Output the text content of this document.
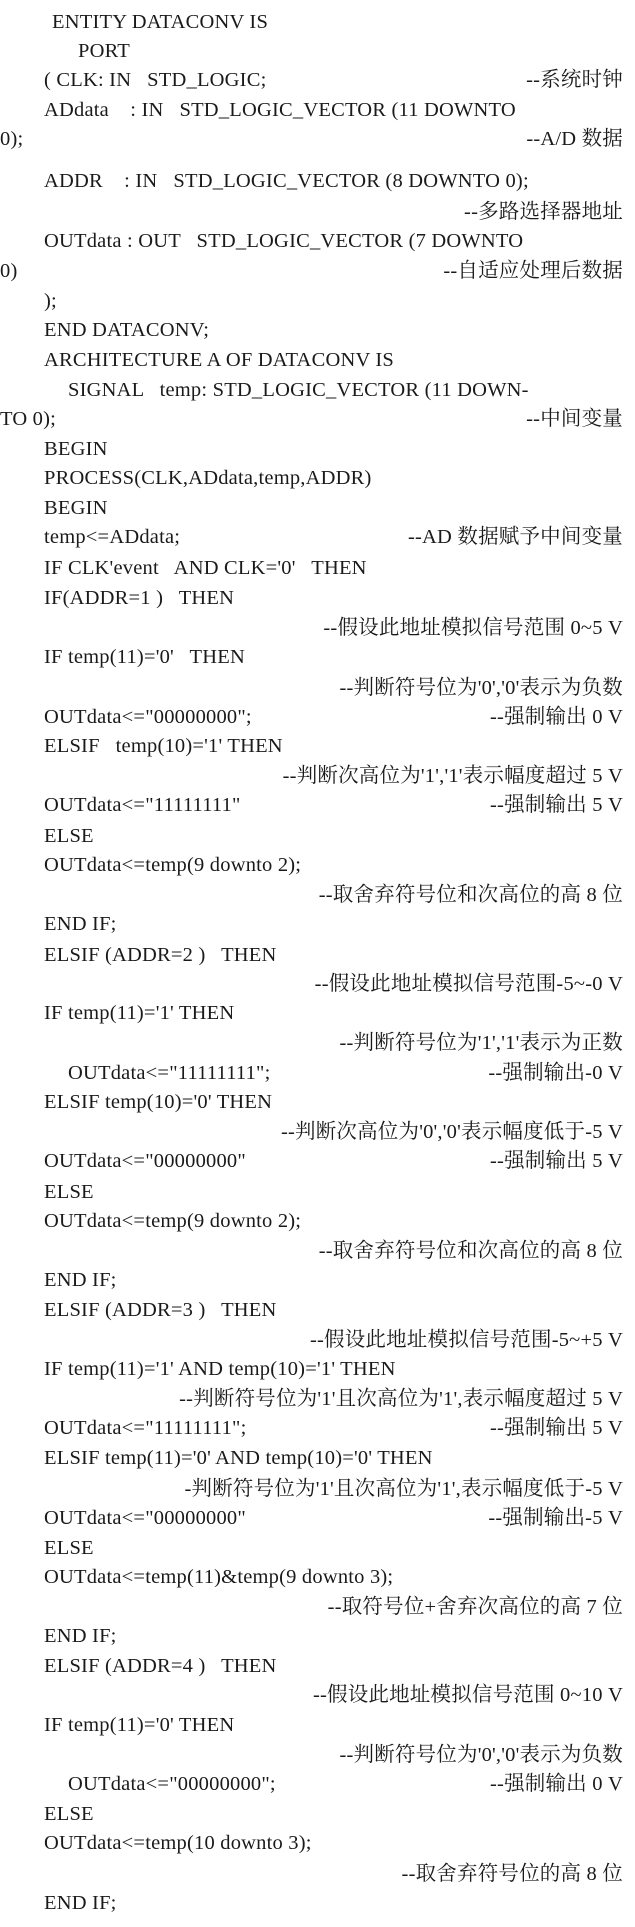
ENTITY DATACONV IS
PORT
( CLK: IN   STD_LOGIC;	--系统时钟
ADdata    : IN   STD_LOGIC_VECTOR (11 DOWNTO
0);	--A/D 数据
ADDR    : IN   STD_LOGIC_VECTOR (8 DOWNTO 0);
--多路选择器地址
OUTdata : OUT   STD_LOGIC_VECTOR (7 DOWNTO
0)	--自适应处理后数据
);
END DATACONV;
ARCHITECTURE A OF DATACONV IS
SIGNAL   temp: STD_LOGIC_VECTOR (11 DOWN-
TO 0);	--中间变量
BEGIN
PROCESS(CLK,ADdata,temp,ADDR)
BEGIN
temp<=ADdata;	--AD 数据赋予中间变量
IF CLK'event   AND CLK='0'   THEN
IF(ADDR=1 )   THEN
--假设此地址模拟信号范围 0~5 V
IF temp(11)='0'   THEN
--判断符号位为'0','0'表示为负数
OUTdata<="00000000";	--强制输出 0 V
ELSIF   temp(10)='1' THEN
--判断次高位为'1','1'表示幅度超过 5 V
OUTdata<="11111111"	--强制输出 5 V
ELSE
OUTdata<=temp(9 downto 2);
--取舍弃符号位和次高位的高 8 位
END IF;
ELSIF (ADDR=2 )   THEN
--假设此地址模拟信号范围-5~-0 V
IF temp(11)='1' THEN
--判断符号位为'1','1'表示为正数
OUTdata<="11111111";	--强制输出-0 V
ELSIF temp(10)='0' THEN
--判断次高位为'0','0'表示幅度低于-5 V
OUTdata<="00000000"	--强制输出 5 V
ELSE
OUTdata<=temp(9 downto 2);
--取舍弃符号位和次高位的高 8 位
END IF;
ELSIF (ADDR=3 )   THEN
--假设此地址模拟信号范围-5~+5 V
IF temp(11)='1' AND temp(10)='1' THEN
--判断符号位为'1'且次高位为'1',表示幅度超过 5 V
OUTdata<="11111111";	--强制输出 5 V
ELSIF temp(11)='0' AND temp(10)='0' THEN
-判断符号位为'1'且次高位为'1',表示幅度低于-5 V
OUTdata<="00000000"	--强制输出-5 V
ELSE
OUTdata<=temp(11)&temp(9 downto 3);
--取符号位+舍弃次高位的高 7 位
END IF;
ELSIF (ADDR=4 )   THEN
--假设此地址模拟信号范围 0~10 V
IF temp(11)='0' THEN
--判断符号位为'0','0'表示为负数
OUTdata<="00000000";	--强制输出 0 V
ELSE
OUTdata<=temp(10 downto 3);
--取舍弃符号位的高 8 位
END IF;
